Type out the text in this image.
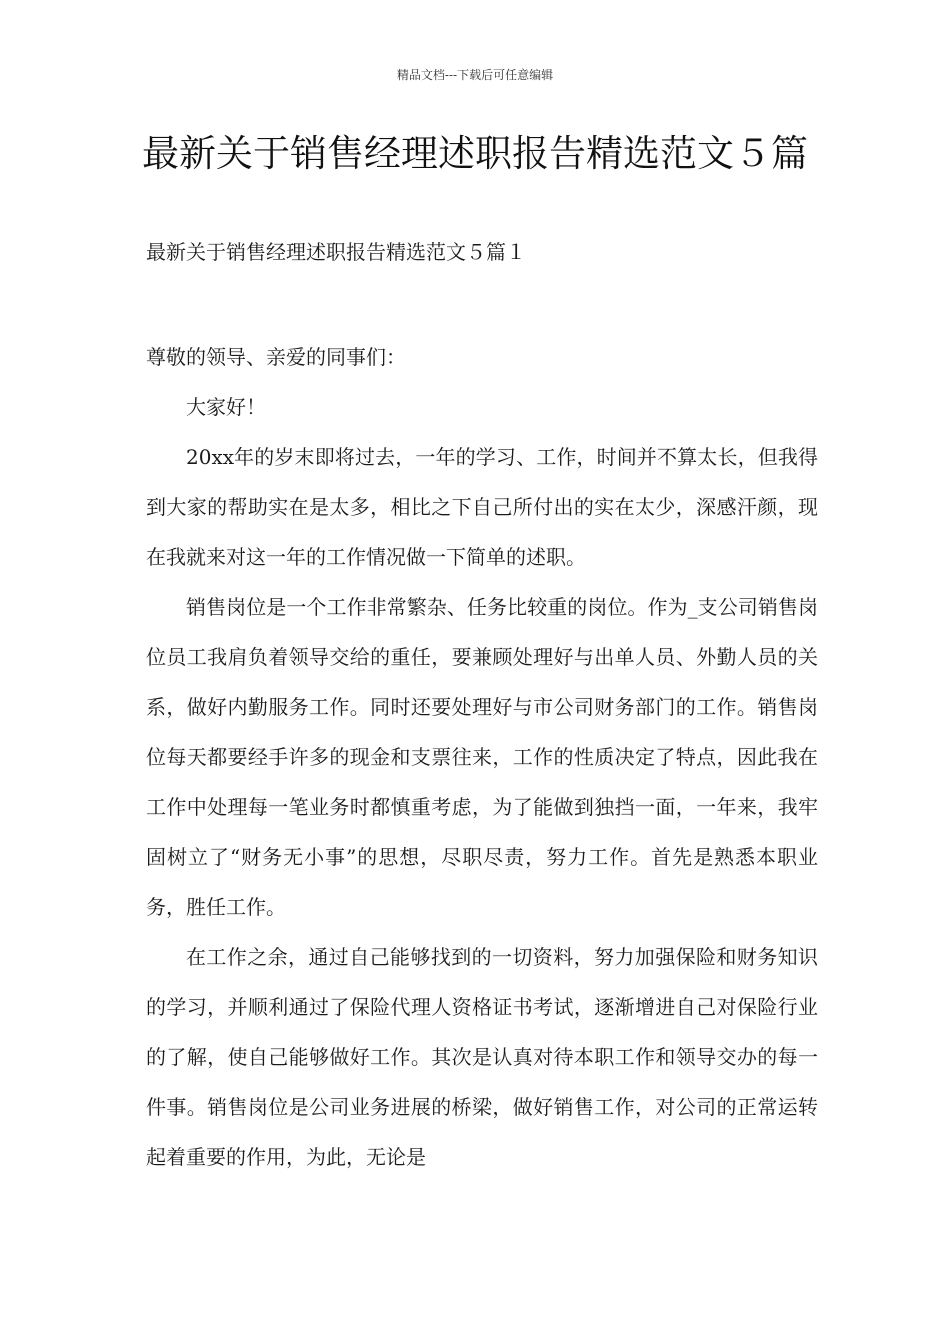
精品文档---下载后可任意编辑
最新关于销售经理述职报告精选范文５篇
最新关于销售经理述职报告精选范文５篇１

尊敬的领导、亲爱的同事们：

大家好！

20xx年的岁末即将过去，一年的学习、工作，时间并不算太长，但我得到大家的帮助实在是太多，相比之下自己所付出的实在太少，深感汗颜，现在我就来对这一年的工作情况做一下简单的述职。

销售岗位是一个工作非常繁杂、任务比较重的岗位。作为_支公司销售岗位员工我肩负着领导交给的重任，要兼顾处理好与出单人员、外勤人员的关系，做好内勤服务工作。同时还要处理好与市公司财务部门的工作。销售岗位每天都要经手许多的现金和支票往来，工作的性质决定了特点，因此我在工作中处理每一笔业务时都慎重考虑，为了能做到独挡一面，一年来，我牢固树立了“财务无小事”的思想，尽职尽责，努力工作。首先是熟悉本职业务，胜任工作。

在工作之余，通过自己能够找到的一切资料，努力加强保险和财务知识的学习，并顺利通过了保险代理人资格证书考试，逐渐增进自己对保险行业的了解，使自己能够做好工作。其次是认真对待本职工作和领导交办的每一件事。销售岗位是公司业务进展的桥梁，做好销售工作，对公司的正常运转起着重要的作用，为此，无论是
